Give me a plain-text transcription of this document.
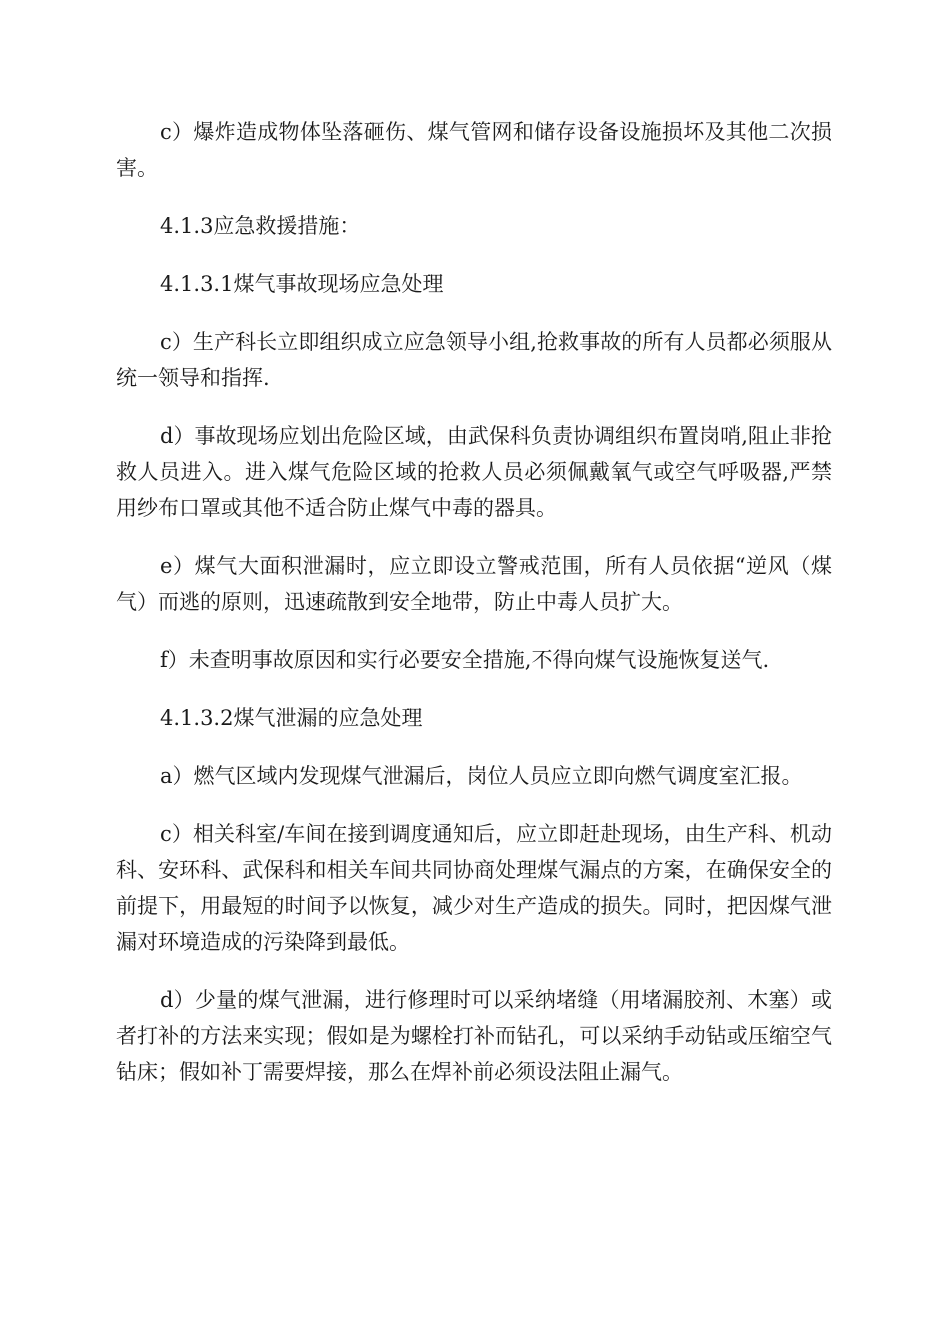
c）爆炸造成物体坠落砸伤、煤气管网和储存设备设施损坏及其他二次损害。

4.1.3应急救援措施：

4.1.3.1煤气事故现场应急处理

c）生产科长立即组织成立应急领导小组,抢救事故的所有人员都必须服从统一领导和指挥.

d）事故现场应划出危险区域，由武保科负责协调组织布置岗哨,阻止非抢救人员进入。进入煤气危险区域的抢救人员必须佩戴氧气或空气呼吸器,严禁用纱布口罩或其他不适合防止煤气中毒的器具。

e）煤气大面积泄漏时，应立即设立警戒范围，所有人员依据“逆风（煤气）而逃的原则，迅速疏散到安全地带，防止中毒人员扩大。

f）未查明事故原因和实行必要安全措施,不得向煤气设施恢复送气.

4.1.3.2煤气泄漏的应急处理

a）燃气区域内发现煤气泄漏后，岗位人员应立即向燃气调度室汇报。

c）相关科室/车间在接到调度通知后，应立即赶赴现场，由生产科、机动科、安环科、武保科和相关车间共同协商处理煤气漏点的方案，在确保安全的前提下，用最短的时间予以恢复，减少对生产造成的损失。同时，把因煤气泄漏对环境造成的污染降到最低。

d）少量的煤气泄漏，进行修理时可以采纳堵缝（用堵漏胶剂、木塞）或者打补的方法来实现；假如是为螺栓打补而钻孔，可以采纳手动钻或压缩空气钻床；假如补丁需要焊接，那么在焊补前必须设法阻止漏气。
